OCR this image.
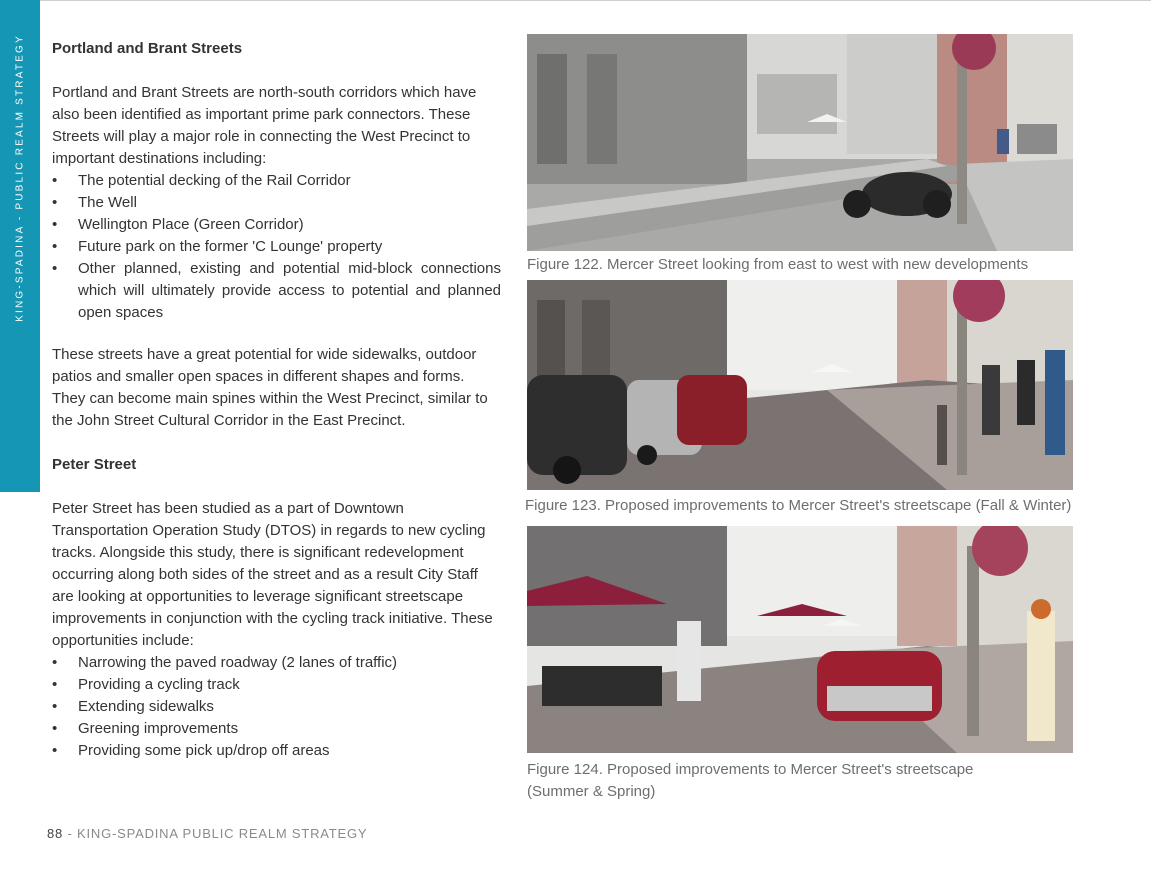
KING-SPADINA - PUBLIC REALM STRATEGY Portland and Brant Streets

Portland and Brant Streets are north-south corridors which have also been identified as important prime park connectors. These Streets will play a major role in connecting the West Precinct to important destinations including:

• The potential decking of the Rail Corridor
• The Well
• Wellington Place (Green Corridor)
• Future park on the former 'C Lounge' property
• Other planned, existing and potential mid-block connections which will ultimately provide access to potential and planned open spaces

These streets have a great potential for wide sidewalks, outdoor patios and smaller open spaces in different shapes and forms. They can become main spines within the West Precinct, similar to the John Street Cultural Corridor in the East Precinct.

Peter Street

Peter Street has been studied as a part of Downtown Transportation Operation Study (DTOS) in regards to new cycling tracks. Alongside this study, there is significant redevelopment occurring along both sides of the street and as a result City Staff are looking at opportunities to leverage significant streetscape improvements in conjunction with the cycling track initiative. These opportunities include:

• Narrowing the paved roadway (2 lanes of traffic)
• Providing a cycling track
• Extending sidewalks
• Greening improvements
• Providing some pick up/drop off areas
Figure 122. Mercer Street looking from east to west with new developments
Figure 123. Proposed improvements to Mercer Street's streetscape (Fall & Winter)
Figure 124. Proposed improvements to Mercer Street's streetscape
(Summer & Spring)
88 - KING-SPADINA PUBLIC REALM STRATEGY
